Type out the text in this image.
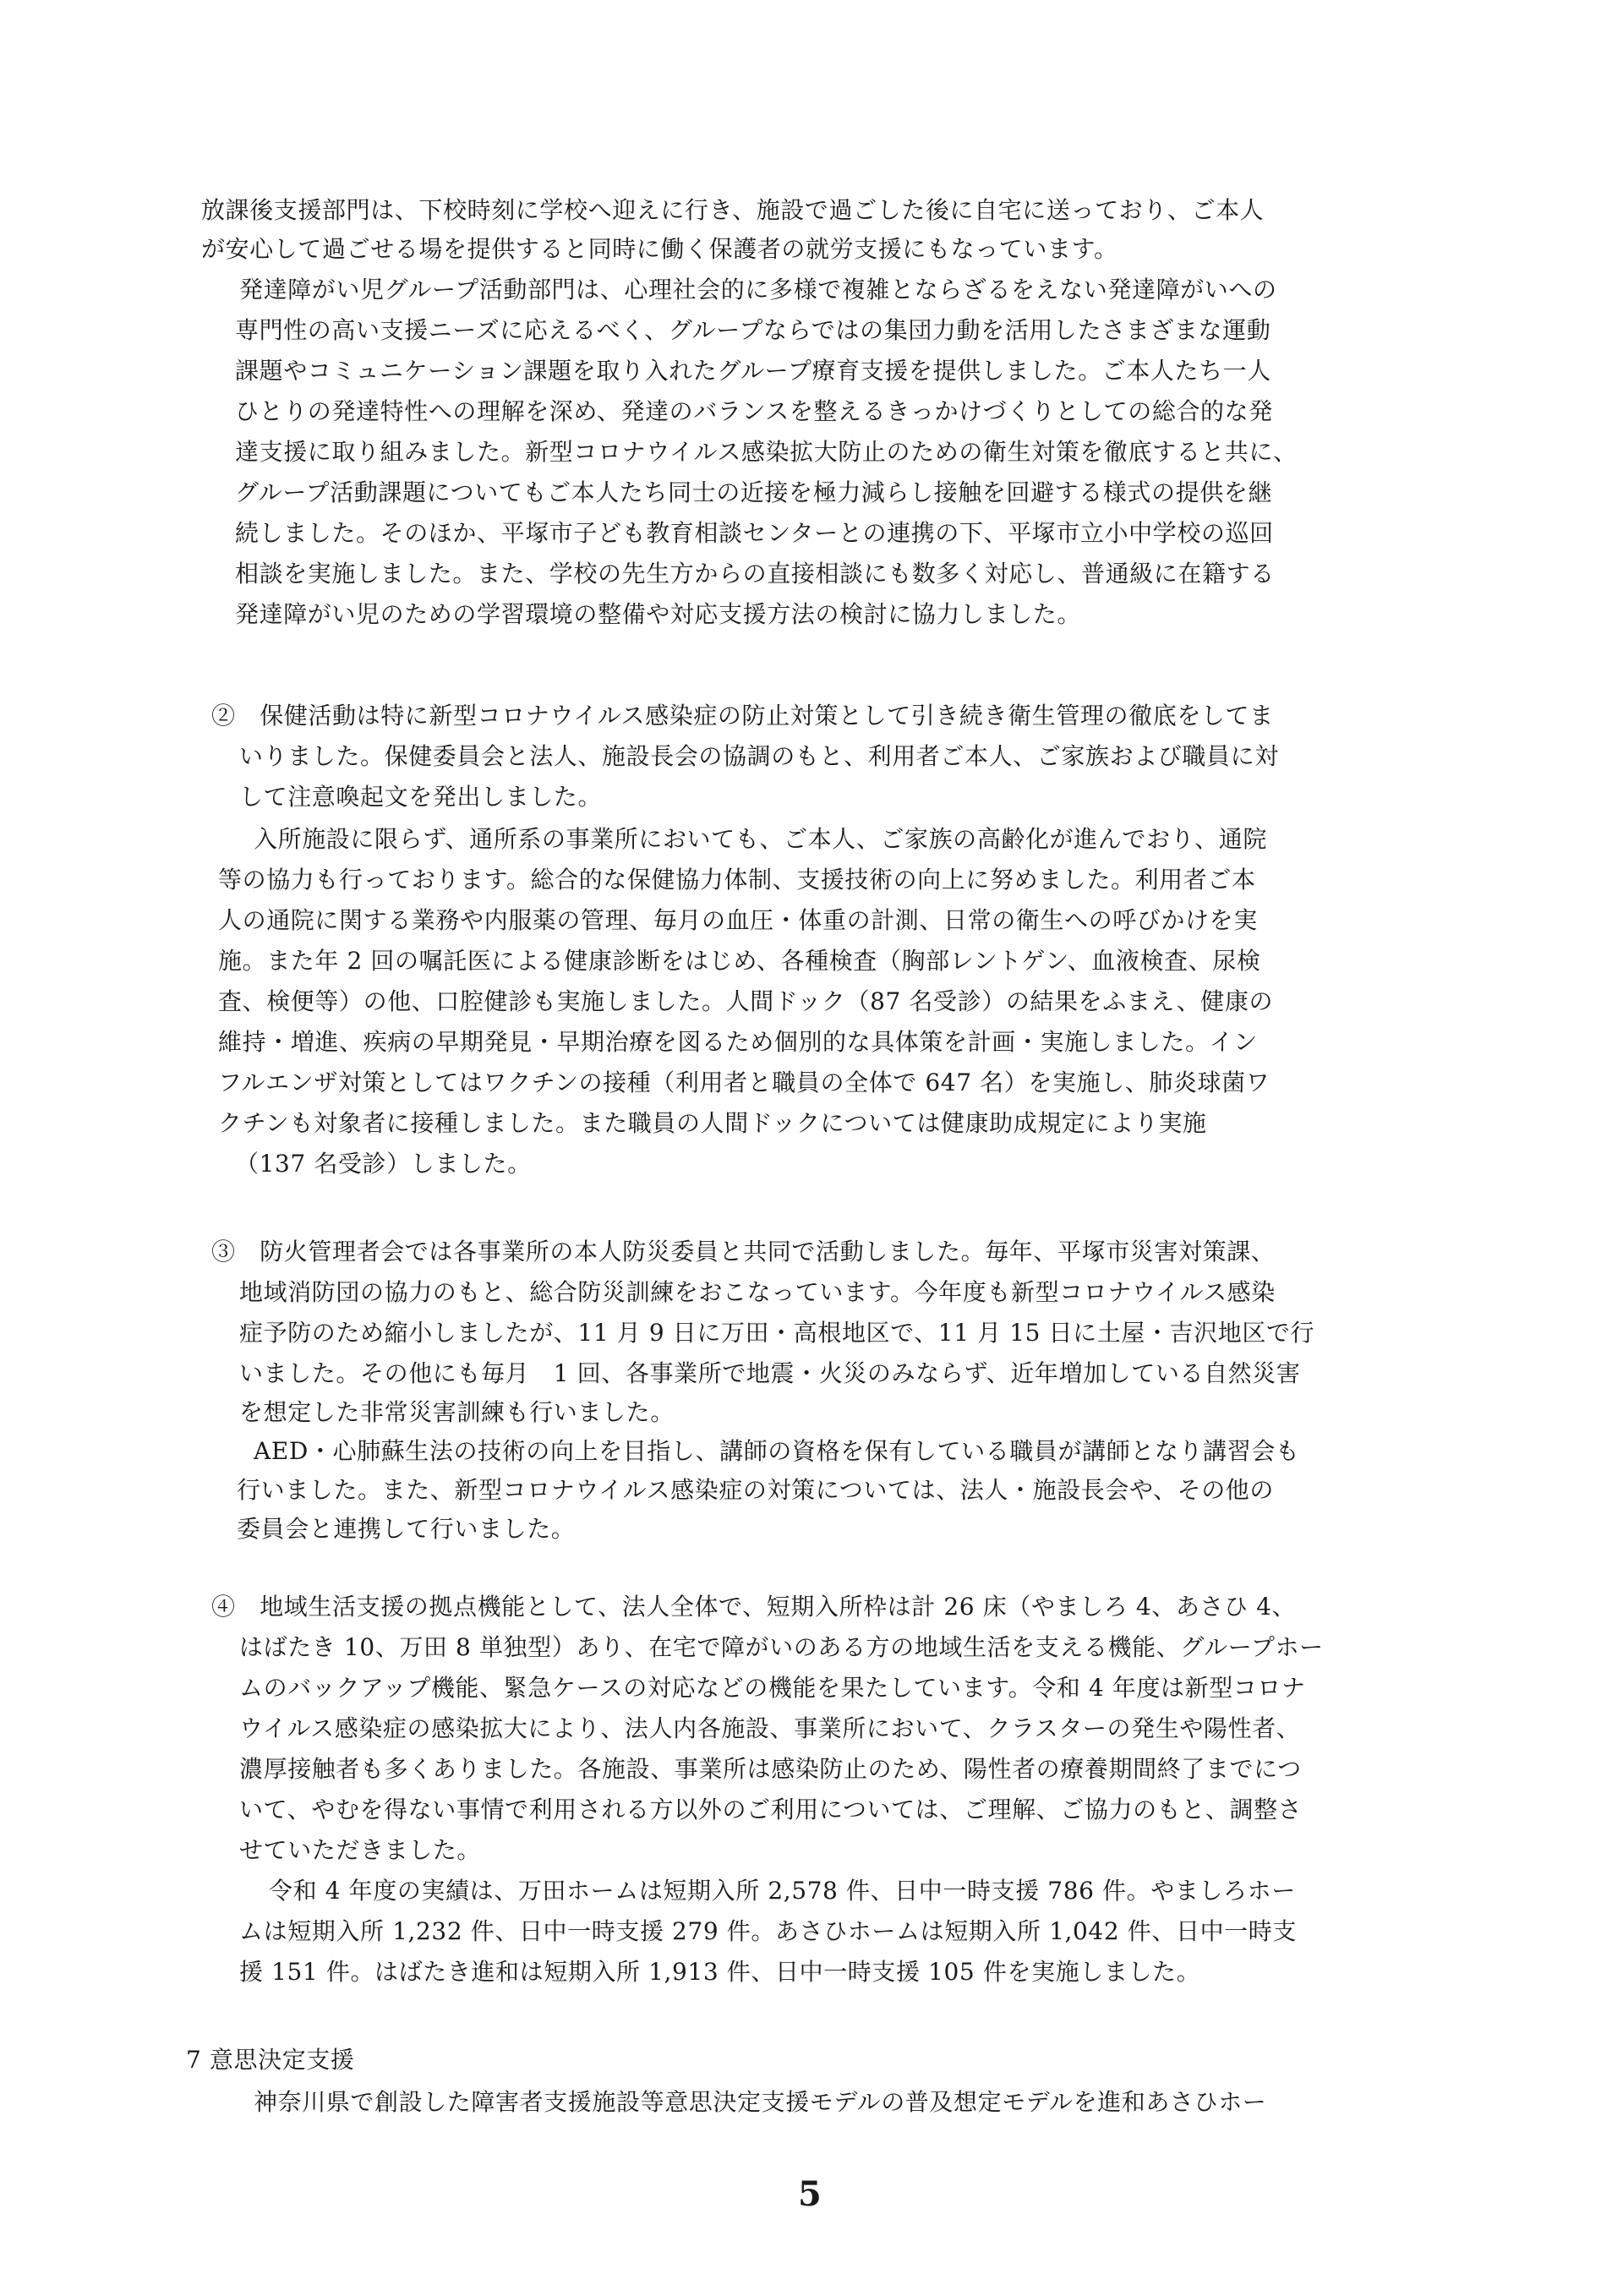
放課後支援部門は、下校時刻に学校へ迎えに行き、施設で過ごした後に自宅に送っており、ご本人
が安心して過ごせる場を提供すると同時に働く保護者の就労支援にもなっています。
発達障がい児グループ活動部門は、心理社会的に多様で複雑とならざるをえない発達障がいへの
専門性の高い支援ニーズに応えるべく、グループならではの集団力動を活用したさまざまな運動
課題やコミュニケーション課題を取り入れたグループ療育支援を提供しました。ご本人たち一人
ひとりの発達特性への理解を深め、発達のバランスを整えるきっかけづくりとしての総合的な発
達支援に取り組みました。新型コロナウイルス感染拡大防止のための衛生対策を徹底すると共に、
グループ活動課題についてもご本人たち同士の近接を極力減らし接触を回避する様式の提供を継
続しました。そのほか、平塚市子ども教育相談センターとの連携の下、平塚市立小中学校の巡回
相談を実施しました。また、学校の先生方からの直接相談にも数多く対応し、普通級に在籍する
発達障がい児のための学習環境の整備や対応支援方法の検討に協力しました。
②　保健活動は特に新型コロナウイルス感染症の防止対策として引き続き衛生管理の徹底をしてま
いりました。保健委員会と法人、施設長会の協調のもと、利用者ご本人、ご家族および職員に対
して注意喚起文を発出しました。
入所施設に限らず、通所系の事業所においても、ご本人、ご家族の高齢化が進んでおり、通院
等の協力も行っております。総合的な保健協力体制、支援技術の向上に努めました。利用者ご本
人の通院に関する業務や内服薬の管理、毎月の血圧・体重の計測、日常の衛生への呼びかけを実
施。また年 2 回の嘱託医による健康診断をはじめ、各種検査（胸部レントゲン、血液検査、尿検
査、検便等）の他、口腔健診も実施しました。人間ドック（87 名受診）の結果をふまえ、健康の
維持・増進、疾病の早期発見・早期治療を図るため個別的な具体策を計画・実施しました。イン
フルエンザ対策としてはワクチンの接種（利用者と職員の全体で 647 名）を実施し、肺炎球菌ワ
クチンも対象者に接種しました。また職員の人間ドックについては健康助成規定により実施
（137 名受診）しました。
③　防火管理者会では各事業所の本人防災委員と共同で活動しました。毎年、平塚市災害対策課、
地域消防団の協力のもと、総合防災訓練をおこなっています。今年度も新型コロナウイルス感染
症予防のため縮小しましたが、11 月 9 日に万田・高根地区で、11 月 15 日に土屋・吉沢地区で行
いました。その他にも毎月　1 回、各事業所で地震・火災のみならず、近年増加している自然災害
を想定した非常災害訓練も行いました。
AED・心肺蘇生法の技術の向上を目指し、講師の資格を保有している職員が講師となり講習会も
行いました。また、新型コロナウイルス感染症の対策については、法人・施設長会や、その他の
委員会と連携して行いました。
④　地域生活支援の拠点機能として、法人全体で、短期入所枠は計 26 床（やましろ 4、あさひ 4、
はばたき 10、万田 8 単独型）あり、在宅で障がいのある方の地域生活を支える機能、グループホー
ムのバックアップ機能、緊急ケースの対応などの機能を果たしています。令和 4 年度は新型コロナ
ウイルス感染症の感染拡大により、法人内各施設、事業所において、クラスターの発生や陽性者、
濃厚接触者も多くありました。各施設、事業所は感染防止のため、陽性者の療養期間終了までにつ
いて、やむを得ない事情で利用される方以外のご利用については、ご理解、ご協力のもと、調整さ
せていただきました。
令和 4 年度の実績は、万田ホームは短期入所 2,578 件、日中一時支援 786 件。やましろホー
ムは短期入所 1,232 件、日中一時支援 279 件。あさひホームは短期入所 1,042 件、日中一時支
援 151 件。はばたき進和は短期入所 1,913 件、日中一時支援 105 件を実施しました。
7 意思決定支援
神奈川県で創設した障害者支援施設等意思決定支援モデルの普及想定モデルを進和あさひホー
5
